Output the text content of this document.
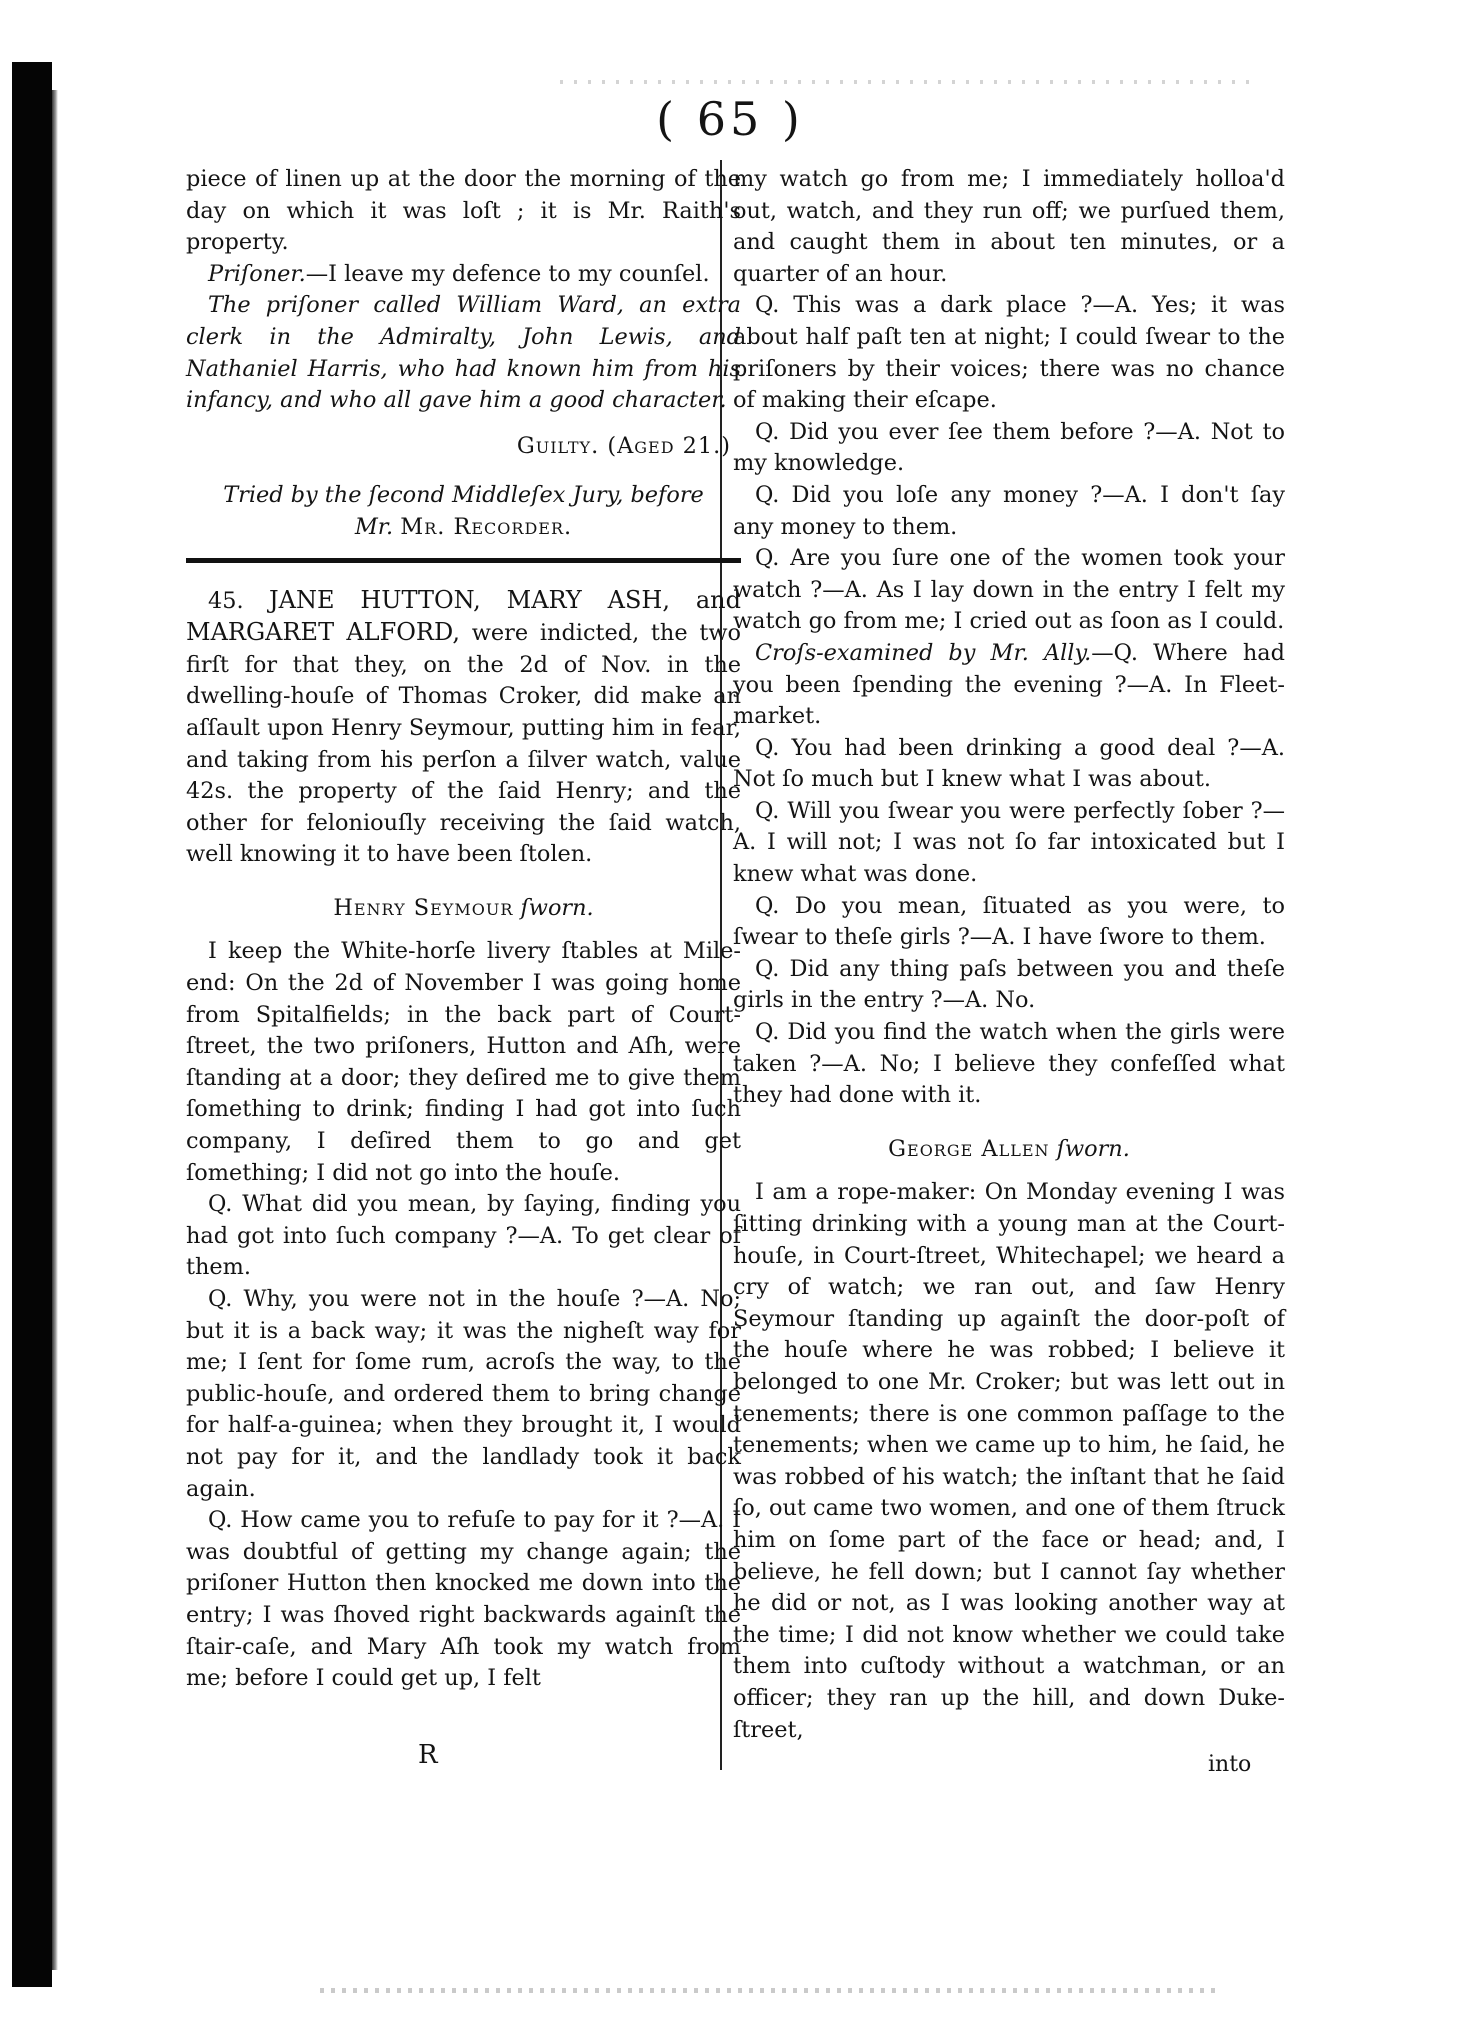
( 65 )

piece of linen up at the door the morning of the day on which it was loſt ; it is Mr. Raith's property.

Priſoner.—I leave my defence to my counſel.

The priſoner called William Ward, an extra clerk in the Admiralty, John Lewis, and Nathaniel Harris, who had known him from his infancy, and who all gave him a good character.

Guilty. (Aged 21.)

Tried by the ſecond Middleſex Jury, before

Mr. Mr. Recorder.

45. JANE HUTTON, MARY ASH, and MARGARET ALFORD, were indicted, the two firſt for that they, on the 2d of Nov. in the dwelling-houſe of Thomas Croker, did make an aſſault upon Henry Seymour, putting him in fear, and taking from his perſon a ſilver watch, value 42s. the property of the ſaid Henry; and the other for feloniouſly receiving the ſaid watch, well knowing it to have been ſtolen.

Henry Seymour ſworn.

I keep the White-horſe livery ſtables at Mile-end: On the 2d of November I was going home from Spitalfields; in the back part of Court-ſtreet, the two priſoners, Hutton and Aſh, were ſtanding at a door; they deſired me to give them ſomething to drink; finding I had got into ſuch company, I deſired them to go and get ſomething; I did not go into the houſe.

Q. What did you mean, by ſaying, finding you had got into ſuch company ?—A. To get clear of them.

Q. Why, you were not in the houſe ?—A. No; but it is a back way; it was the nigheſt way for me; I ſent for ſome rum, acroſs the way, to the public-houſe, and ordered them to bring change for half-a-guinea; when they brought it, I would not pay for it, and the landlady took it back again.

Q. How came you to refuſe to pay for it ?—A. I was doubtful of getting my change again; the priſoner Hutton then knocked me down into the entry; I was ſhoved right backwards againſt the ſtair-caſe, and Mary Aſh took my watch from me; before I could get up, I felt

my watch go from me; I immediately holloa'd out, watch, and they run off; we purſued them, and caught them in about ten minutes, or a quarter of an hour.

Q. This was a dark place ?—A. Yes; it was about half paſt ten at night; I could ſwear to the priſoners by their voices; there was no chance of making their eſcape.

Q. Did you ever ſee them before ?—A. Not to my knowledge.

Q. Did you loſe any money ?—A. I don't ſay any money to them.

Q. Are you ſure one of the women took your watch ?—A. As I lay down in the entry I felt my watch go from me; I cried out as ſoon as I could.

Croſs-examined by Mr. Ally.—Q. Where had you been ſpending the evening ?—A. In Fleet-market.

Q. You had been drinking a good deal ?—A. Not ſo much but I knew what I was about.

Q. Will you ſwear you were perfectly ſober ?—A. I will not; I was not ſo far intoxicated but I knew what was done.

Q. Do you mean, ſituated as you were, to ſwear to theſe girls ?—A. I have ſwore to them.

Q. Did any thing paſs between you and theſe girls in the entry ?—A. No.

Q. Did you find the watch when the girls were taken ?—A. No; I believe they confeſſed what they had done with it.

George Allen ſworn.

I am a rope-maker: On Monday evening I was ſitting drinking with a young man at the Court-houſe, in Court-ſtreet, Whitechapel; we heard a cry of watch; we ran out, and ſaw Henry Seymour ſtanding up againſt the door-poſt of the houſe where he was robbed; I believe it belonged to one Mr. Croker; but was lett out in tenements; there is one common paſſage to the tenements; when we came up to him, he ſaid, he was robbed of his watch; the inſtant that he ſaid ſo, out came two women, and one of them ſtruck him on ſome part of the face or head; and, I believe, he fell down; but I cannot ſay whether he did or not, as I was looking another way at the time; I did not know whether we could take them into cuſtody without a watchman, or an officer; they ran up the hill, and down Duke-ſtreet,

R	into
